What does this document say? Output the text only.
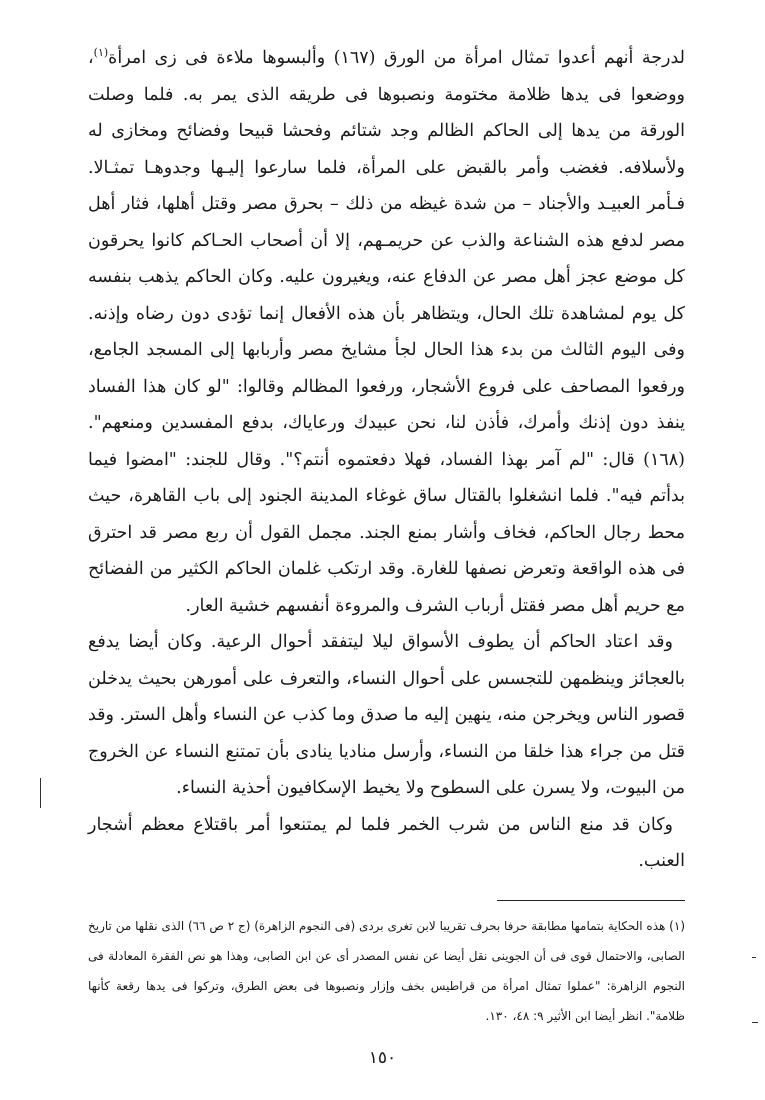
لدرجة أنهم أعدوا تمثال امرأة من الورق (١٦٧) وألبسوها ملاءة فى زى امرأة$^{(١)}$، ووضعوا فى يدها ظلامة مختومة ونصبوها فى طريقه الذى يمر به. فلما وصلت الورقة من يدها إلى الحاكم الظالم وجد شتائم وفحشا قبيحا وفضائح ومخازى له ولأسلافه. فغضب وأمر بالقبض على المرأة، فلما سارعوا إليـها وجدوهـا تمثـالا. فـأمر العبيـد والأجناد – من شدة غيظه من ذلك – بحرق مصر وقتل أهلها، فثار أهل مصر لدفع هذه الشناعة والذب عن حريمـهم، إلا أن أصحاب الحـاكم كانوا يحرقون كل موضع عجز أهل مصر عن الدفاع عنه، ويغيرون عليه. وكان الحاكم يذهب بنفسه كل يوم لمشاهدة تلك الحال، ويتظاهر بأن هذه الأفعال إنما تؤدى دون رضاه وإذنه. وفى اليوم الثالث من بدء هذا الحال لجأ مشايخ مصر وأربابها إلى المسجد الجامع، ورفعوا المصاحف على فروع الأشجار، ورفعوا المظالم وقالوا: "لو كان هذا الفساد ينفذ دون إذنك وأمرك، فأذن لنا، نحن عبيدك ورعاياك، بدفع المفسدين ومنعهم". (١٦٨) قال: "لم آمر بهذا الفساد، فهلا دفعتموه أنتم؟". وقال للجند: "امضوا فيما بدأتم فيه". فلما انشغلوا بالقتال ساق غوغاء المدينة الجنود إلى باب القاهرة، حيث محط رجال الحاكم، فخاف وأشار بمنع الجند. مجمل القول أن ربع مصر قد احترق فى هذه الواقعة وتعرض نصفها للغارة. وقد ارتكب غلمان الحاكم الكثير من الفضائح مع حريم أهل مصر فقتل أرباب الشرف والمروءة أنفسهم خشية العار.

وقد اعتاد الحاكم أن يطوف الأسواق ليلا ليتفقد أحوال الرعية. وكان أيضا يدفع بالعجائز وينظمهن للتجسس على أحوال النساء، والتعرف على أمورهن بحيث يدخلن قصور الناس ويخرجن منه، ينهين إليه ما صدق وما كذب عن النساء وأهل الستر. وقد قتل من جراء هذا خلقا من النساء، وأرسل مناديا ينادى بأن تمتنع النساء عن الخروج من البيوت، ولا يسرن على السطوح ولا يخيط الإسكافيون أحذية النساء.

وكان قد منع الناس من شرب الخمر فلما لم يمتنعوا أمر باقتلاع معظم أشجار العنب.

(١) هذه الحكاية بتمامها مطابقة حرفا بحرف تقريبا لابن تغرى بردى (فى النجوم الزاهرة) (ج ٢ ص ٦٦) الذى نقلها من تاريخ الصابى، والاحتمال قوى فى أن الجوينى نقل أيضا عن نفس المصدر أى عن ابن الصابى، وهذا هو نص الفقرة المعادلة فى النجوم الزاهرة: "عملوا تمثال امرأة من قراطيس بخف وإزار ونصبوها فى بعض الطرق، وتركوا فى يدها رقعة كأنها ظلامة". انظر أيضا ابن الأثير ٩: ٤٨، ١٣٠.

١٥٠
